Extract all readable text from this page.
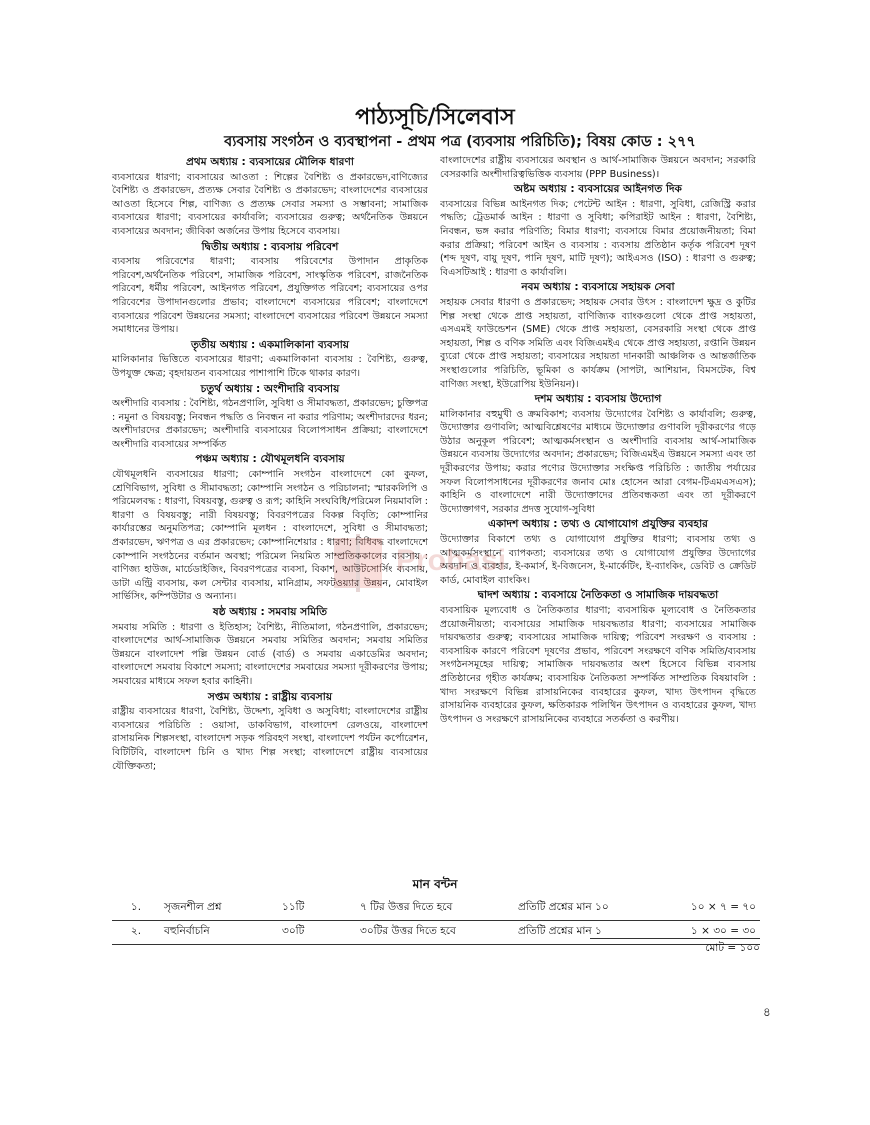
পাঠ্যসূচি/সিলেবাস
ব্যবসায় সংগঠন ও ব্যবস্থাপনা - প্রথম পত্র (ব্যবসায় পরিচিতি); বিষয় কোড : ২৭৭
প্রথম অধ্যায় : ব্যবসায়ের মৌলিক ধারণা
ব্যবসায়ের ধারণা; ব্যবসায়ের আওতা : শিল্পের বৈশিষ্ট্য ও প্রকারভেদ,বাণিজ্যের বৈশিষ্ট্য ও প্রকারভেদ, প্রত্যক্ষ সেবার বৈশিষ্ট্য ও প্রকারভেদ; বাংলাদেশের ব্যবসায়ের আওতা হিসেবে শিল্প, বাণিজ্য ও প্রত্যক্ষ সেবার সমস্যা ও সম্ভাবনা; সামাজিক ব্যবসায়ের ধারণা; ব্যবসায়ের কার্যাবলি; ব্যবসায়ের গুরুত্ব; অর্থনৈতিক উন্নয়নে ব্যবসায়ের অবদান; জীবিকা অর্জনের উপায় হিসেবে ব্যবসায়।
দ্বিতীয় অধ্যায় : ব্যবসায় পরিবেশ
ব্যবসায় পরিবেশের ধারণা; ব্যবসায় পরিবেশের উপাদান প্রাকৃতিক পরিবেশ,অর্থনৈতিক পরিবেশ, সামাজিক পরিবেশ, সাংস্কৃতিক পরিবেশ, রাজনৈতিক পরিবেশ, ধর্মীয় পরিবেশ, আইনগত পরিবেশ, প্রযুক্তিগত পরিবেশ; ব্যবসায়ের ওপর পরিবেশের উপাদানগুলোর প্রভাব; বাংলাদেশে ব্যবসায়ের পরিবেশ; বাংলাদেশে ব্যবসায়ের পরিবেশ উন্নয়নের সমস্যা; বাংলাদেশে ব্যবসায়ের পরিবেশ উন্নয়নে সমস্যা সমাধানের উপায়।
তৃতীয় অধ্যায় : একমালিকানা ব্যবসায়
মালিকানার ভিত্তিতে ব্যবসায়ের ধারণা; একমালিকানা ব্যবসায় : বৈশিষ্ট্য, গুরুত্ব, উপযুক্ত ক্ষেত্র; বৃহদায়তন ব্যবসায়ের পাশাপাশি টিকে থাকার কারণ।
চতুর্থ অধ্যায় : অংশীদারি ব্যবসায়
অংশীদারি ব্যবসায় : বৈশিষ্ট্য, গঠনপ্রণালি, সুবিধা ও সীমাবদ্ধতা, প্রকারভেদ; চুক্তিপত্র : নমুনা ও বিষয়বস্তু; নিবন্ধন পদ্ধতি ও নিবন্ধন না করার পরিণাম; অংশীদারদের ধরন; অংশীদারদের প্রকারভেদ; অংশীদারি ব্যবসায়ের বিলোপসাধন প্রক্রিয়া; বাংলাদেশে অংশীদারি ব্যবসায়ের সম্পর্কিত
পঞ্চম অধ্যায় : যৌথমূলধনি ব্যবসায়
যৌথমূলধনি ব্যবসায়ের ধারণা; কোম্পানি সংগঠন বাংলাদেশে কো কুফল, শ্রেণিবিভাগ, সুবিধা ও সীমাবদ্ধতা; কোম্পানি সংগঠন ও পরিচালনা; স্মারকলিপি ও পরিমেলবদ্ধ : ধারণা, বিষয়বস্তু, গুরুত্ব ও রূপ; কাহিনি সংঘবিধি/পরিমেল নিয়মাবলি : ধারণা ও বিষয়বস্তু; নারী বিষয়বস্তু; বিবরণপত্রের বিকল্প বিবৃতি; কোম্পানির কার্যারম্ভের অনুমতিপত্র; কোম্পানি মূলধন : বাংলাদেশে, সুবিধা ও সীমাবদ্ধতা; প্রকারভেদ, ঋণপত্র ও এর প্রকারভেদ; কোম্পানিশেয়ার : ধারণা; বিধিবদ্ধ বাংলাদেশে কোম্পানি সংগঠনের বর্তমান অবস্থা; পরিমেল নিয়মিত সাম্প্রতিককালের ব্যবসায় : বাণিজ্য হাউজ, মার্চেডাইজিং, বিবরণপত্রের ব্যবসা, বিকাশ, আউটসোর্সিং ব্যবসায়, ডাটা এন্ট্রি ব্যবসায়, কল সেন্টার ব্যবসায়, মানিগ্রাম, সফটওয়্যার উন্নয়ন, মোবাইল সার্ভিসিং, কম্পিউটার ও অন্যান্য।
ষষ্ঠ অধ্যায় : সমবায় সমিতি
সমবায় সমিতি : ধারণা ও ইতিহাস; বৈশিষ্ট্য, নীতিমালা, গঠনপ্রণালি, প্রকারভেদ; বাংলাদেশের আর্থ-সামাজিক উন্নয়নে সমবায় সমিতির অবদান; সমবায় সমিতির উন্নয়নে বাংলাদেশ পল্লি উন্নয়ন বোর্ড (বার্ড) ও সমবায় একাডেমির অবদান; বাংলাদেশে সমবায় বিকাশে সমস্যা; বাংলাদেশের সমবায়ের সমস্যা দূরীকরণের উপায়; সমবায়ের মাধ্যমে সফল হবার কাহিনী।
সপ্তম অধ্যায় : রাষ্ট্রীয় ব্যবসায়
রাষ্ট্রীয় ব্যবসায়ের ধারণা, বৈশিষ্ট্য, উদ্দেশ্য, সুবিধা ও অসুবিধা; বাংলাদেশের রাষ্ট্রীয় ব্যবসায়ের পরিচিতি : ওয়াসা, ডাকবিভাগ, বাংলাদেশ রেলওয়ে, বাংলাদেশ রাসায়নিক শিল্পসংস্থা, বাংলাদেশ সড়ক পরিবহণ সংস্থা, বাংলাদেশ পর্যটন কর্পোরেশন, বিটিটিবি, বাংলাদেশ চিনি ও খাদ্য শিল্প সংস্থা; বাংলাদেশে রাষ্ট্রীয় ব্যবসায়ের যৌক্তিকতা;
বাংলাদেশের রাষ্ট্রীয় ব্যবসায়ের অবস্থান ও আর্থ-সামাজিক উন্নয়নে অবদান; সরকারি বেসরকারি অংশীদারিত্বভিত্তিক ব্যবসায় (PPP Business)।
অষ্টম অধ্যায় : ব্যবসায়ের আইনগত দিক
ব্যবসায়ের বিভিন্ন আইনগত দিক; পেটেন্ট আইন : ধারণা, সুবিধা, রেজিস্ট্রি করার পদ্ধতি; ট্রেডমার্ক আইন : ধারণা ও সুবিধা; কপিরাইট আইন : ধারণা, বৈশিষ্ট্য, নিবন্ধন, ভঙ্গ করার পরিণতি; বিমার ধারণা; ব্যবসায়ে বিমার প্রয়োজনীয়তা; বিমা করার প্রক্রিয়া; পরিবেশ আইন ও ব্যবসায় : ব্যবসায় প্রতিষ্ঠান কর্তৃক পরিবেশ দূষণ (শব্দ দূষণ, বায়ু দূষণ, পানি দূষণ, মাটি দূষণ); আইএসও (ISO) : ধারণা ও গুরুত্ব; বিএসটিআই : ধারণা ও কার্যাবলি।
নবম অধ্যায় : ব্যবসায়ে সহায়ক সেবা
সহায়ক সেবার ধারণা ও প্রকারভেদ; সহায়ক সেবার উৎস : বাংলাদেশ ক্ষুদ্র ও কুটির শিল্প সংস্থা থেকে প্রাপ্ত সহায়তা, বাণিজ্যিক ব্যাংকগুলো থেকে প্রাপ্ত সহায়তা, এসএমই ফাউন্ডেশন (SME) থেকে প্রাপ্ত সহায়তা, বেসরকারি সংস্থা থেকে প্রাপ্ত সহায়তা, শিল্প ও বণিক সমিতি এবং বিজিএমইএ থেকে প্রাপ্ত সহায়তা, রপ্তানি উন্নয়ন ব্যুরো থেকে প্রাপ্ত সহায়তা; ব্যবসায়ের সহায়তা দানকারী আঞ্চলিক ও আন্তর্জাতিক সংস্থাগুলোর পরিচিতি, ভূমিকা ও কার্যক্রম (সাপটা, আশিয়ান, বিমসটেক, বিশ্ব বাণিজ্য সংস্থা, ইউরোপিয় ইউনিয়ন)।
দশম অধ্যায় : ব্যবসায় উদ্যোগ
মালিকানার বহুমুখী ও ক্রমবিকাশ; ব্যবসায় উদ্যোগের বৈশিষ্ট্য ও কার্যাবলি; গুরুত্ব, উদ্যোক্তার গুণাবলি; আত্মবিশ্লেষণের মাধ্যমে উদ্যোক্তার গুণাবলি দূরীকরণের গড়ে উঠার অনুকূল পরিবেশ; আত্মকর্মসংস্থান ও অংশীদারি ব্যবসায় আর্থ-সামাজিক উন্নয়নে ব্যবসায় উদ্যোগের অবদান; প্রকারভেদ; বিজিএমইএ উন্নয়নে সমস্যা এবং তা দূরীকরণের উপায়; করার পণ্যের উদ্যোক্তার সংক্ষিপ্ত পরিচিতি : জাতীয় পর্যায়ের সফল বিলোপসাধনের দূরীকরণের জনাব মোঃ হোসেন আরা বেগম-টিএমএসএস); কাহিনি ও বাংলাদেশে নারী উদ্যোক্তাদের প্রতিবন্ধকতা এবং তা দূরীকরণে উদ্যোক্তাগণ, সরকার প্রদত্ত সুযোগ-সুবিধা
একাদশ অধ্যায় : তথ্য ও যোগাযোগ প্রযুক্তির ব্যবহার
উদ্যোক্তার বিকাশে তথ্য ও যোগাযোগ প্রযুক্তির ধারণা; ব্যবসায় তথ্য ও আত্মকর্মসংস্থানে ব্যাপকতা; ব্যবসায়ের তথ্য ও যোগাযোগ প্রযুক্তির উদ্যোগের অবদান ও ব্যবহার, ই-কমার্স, ই-বিজনেস, ই-মার্কেটিং, ই-ব্যাংকিং, ডেবিট ও ক্রেডিট কার্ড, মোবাইল ব্যাংকিং।
দ্বাদশ অধ্যায় : ব্যবসায়ে নৈতিকতা ও সামাজিক দায়বদ্ধতা
ব্যবসায়িক মূল্যবোধ ও নৈতিকতার ধারণা; ব্যবসায়িক মূল্যবোধ ও নৈতিকতার প্রয়োজনীয়তা; ব্যবসায়ের সামাজিক দায়বদ্ধতার ধারণা; ব্যবসায়ের সামাজিক দায়বদ্ধতার গুরুত্ব; ব্যবসায়ের সামাজিক দায়িত্ব; পরিবেশ সংরক্ষণ ও ব্যবসায় : ব্যবসায়িক কারণে পরিবেশ দূষণের প্রভাব, পরিবেশ সংরক্ষণে বণিক সমিতি/ব্যবসায় সংগঠনসমূহের দায়িত্ব; সামাজিক দায়বদ্ধতার অংশ হিসেবে বিভিন্ন ব্যবসায় প্রতিষ্ঠানের গৃহীত কার্যক্রম; ব্যবসায়িক নৈতিকতা সম্পর্কিত সাম্প্রতিক বিষয়াবলি : খাদ্য সংরক্ষণে বিভিন্ন রাসায়নিকের ব্যবহারের কুফল, খাদ্য উৎপাদন বৃদ্ধিতে রাসায়নিক ব্যবহারের কুফল, ক্ষতিকারক পলিথিন উৎপাদন ও ব্যবহারের কুফল, খাদ্য উৎপাদন ও সংরক্ষণে রাসায়নিকের ব্যবহারে সতর্কতা ও করণীয়।
Probasi
মান বন্টন
১.	সৃজনশীল প্রশ্ন	১১টি	৭ টির উত্তর দিতে হবে	প্রতিটি প্রশ্নের মান ১০	১০ × ৭ = ৭০
২.	বহুনির্বাচনি	৩০টি	৩০টির উত্তর দিতে হবে	প্রতিটি প্রশ্নের মান ১	১ × ৩০ = ৩০
মোট = ১০০
৪
